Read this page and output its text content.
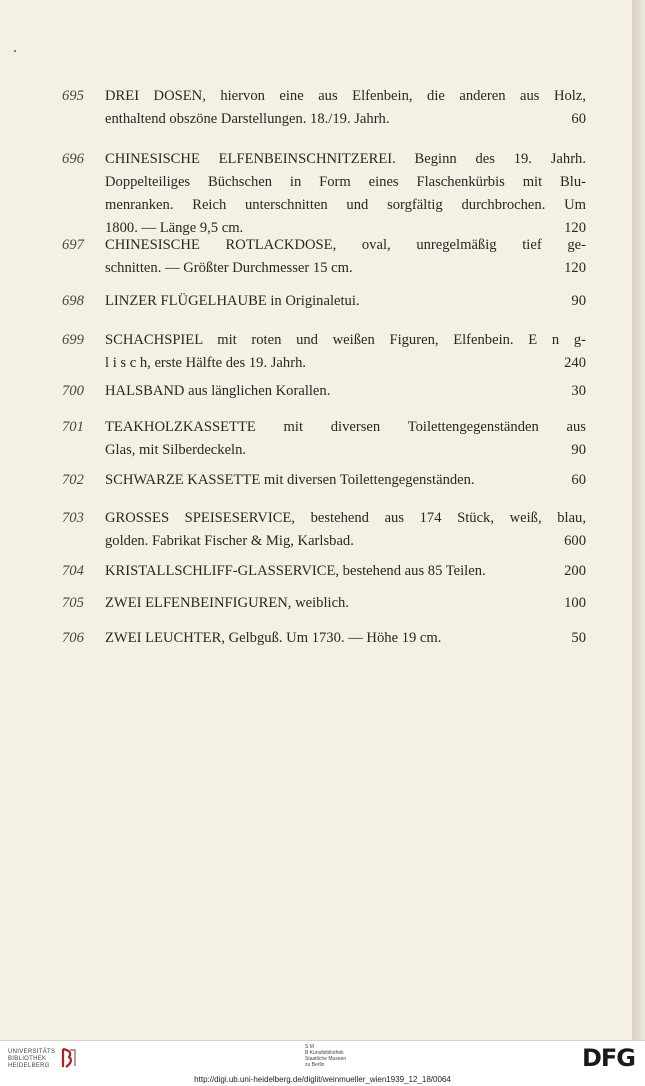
695	DREI DOSEN, hiervon eine aus Elfenbein, die anderen aus Holz,
enthaltend obszöne Darstellungen. 18./19. Jahrh.	60
696	CHINESISCHE ELFENBEINSCHNITZEREI. Beginn des 19. Jahrh.
Doppelteiliges Büchschen in Form eines Flaschenkürbis mit Blu-
menranken. Reich unterschnitten und sorgfältig durchbrochen. Um
1800. — Länge 9,5 cm.	120
697	CHINESISCHE ROTLACKDOSE, oval, unregelmäßig tief ge-
schnitten. — Größter Durchmesser 15 cm.	120
698	LINZER FLÜGELHAUBE in Originaletui.	90
699	SCHACHSPIEL mit roten und weißen Figuren, Elfenbein. E n g-
l i s c h, erste Hälfte des 19. Jahrh.	240
700	HALSBAND aus länglichen Korallen.	30
701	TEAKHOLZKASSETTE mit diversen Toilettengegenständen aus
Glas, mit Silberdeckeln.	90
702	SCHWARZE KASSETTE mit diversen Toilettengegenständen.	60
703	GROSSES SPEISESERVICE, bestehend aus 174 Stück, weiß, blau,
golden. Fabrikat Fischer & Mig, Karlsbad.	600
704	KRISTALLSCHLIFF-GLASSERVICE, bestehend aus 85 Teilen.	200
705	ZWEI ELFENBEINFIGUREN, weiblich.	100
706	ZWEI LEUCHTER, Gelbguß. Um 1730. — Höhe 19 cm.	50
UNIVERSITÄTS
BIBLIOTHEK
HEIDELBERG
S M
B Kunstbibliothek
Staatliche Museen
zu Berlin	DFG
http://digi.ub.uni-heidelberg.de/diglit/weinmueller_wien1939_12_18/0064
